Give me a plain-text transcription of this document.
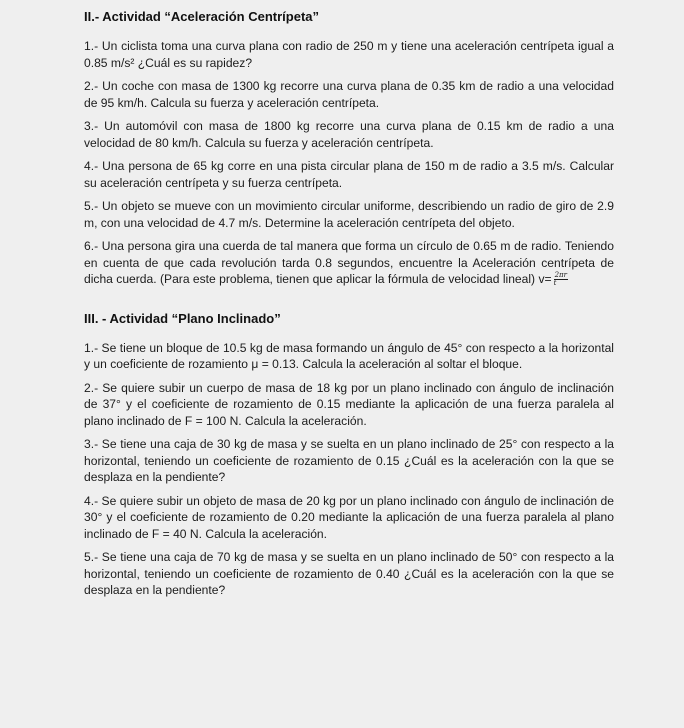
II.- Actividad “Aceleración Centrípeta”

1.- Un ciclista toma una curva plana con radio de 250 m y tiene una aceleración centrípeta igual a 0.85 m/s² ¿Cuál es su rapidez?

2.- Un coche con masa de 1300 kg recorre una curva plana de 0.35 km de radio a una velocidad de 95 km/h. Calcula su fuerza y aceleración centrípeta.

3.- Un automóvil con masa de 1800 kg recorre una curva plana de 0.15 km de radio a una velocidad de 80 km/h. Calcula su fuerza y aceleración centrípeta.

4.- Una persona de 65 kg corre en una pista circular plana de 150 m de radio a 3.5 m/s. Calcular su aceleración centrípeta y su fuerza centrípeta.

5.- Un objeto se mueve con un movimiento circular uniforme, describiendo un radio de giro de 2.9 m, con una velocidad de 4.7 m/s. Determine la aceleración centrípeta del objeto.

6.- Una persona gira una cuerda de tal manera que forma un círculo de 0.65 m de radio. Teniendo en cuenta de que cada revolución tarda 0.8 segundos, encuentre la Aceleración centrípeta de dicha cuerda. (Para este problema, tienen que aplicar la fórmula de velocidad lineal) $v= \frac{2\pi r}{t}$

III. - Actividad “Plano Inclinado”

1.- Se tiene un bloque de 10.5 kg de masa formando un ángulo de 45° con respecto a la horizontal y un coeficiente de rozamiento μ = 0.13. Calcula la aceleración al soltar el bloque.

2.- Se quiere subir un cuerpo de masa de 18 kg por un plano inclinado con ángulo de inclinación de 37° y el coeficiente de rozamiento de 0.15 mediante la aplicación de una fuerza paralela al plano inclinado de F = 100 N. Calcula la aceleración.

3.- Se tiene una caja de 30 kg de masa y se suelta en un plano inclinado de 25° con respecto a la horizontal, teniendo un coeficiente de rozamiento de 0.15 ¿Cuál es la aceleración con la que se desplaza en la pendiente?

4.- Se quiere subir un objeto de masa de 20 kg por un plano inclinado con ángulo de inclinación de 30° y el coeficiente de rozamiento de 0.20 mediante la aplicación de una fuerza paralela al plano inclinado de F = 40 N. Calcula la aceleración.

5.- Se tiene una caja de 70 kg de masa y se suelta en un plano inclinado de 50° con respecto a la horizontal, teniendo un coeficiente de rozamiento de 0.40 ¿Cuál es la aceleración con la que se desplaza en la pendiente?
